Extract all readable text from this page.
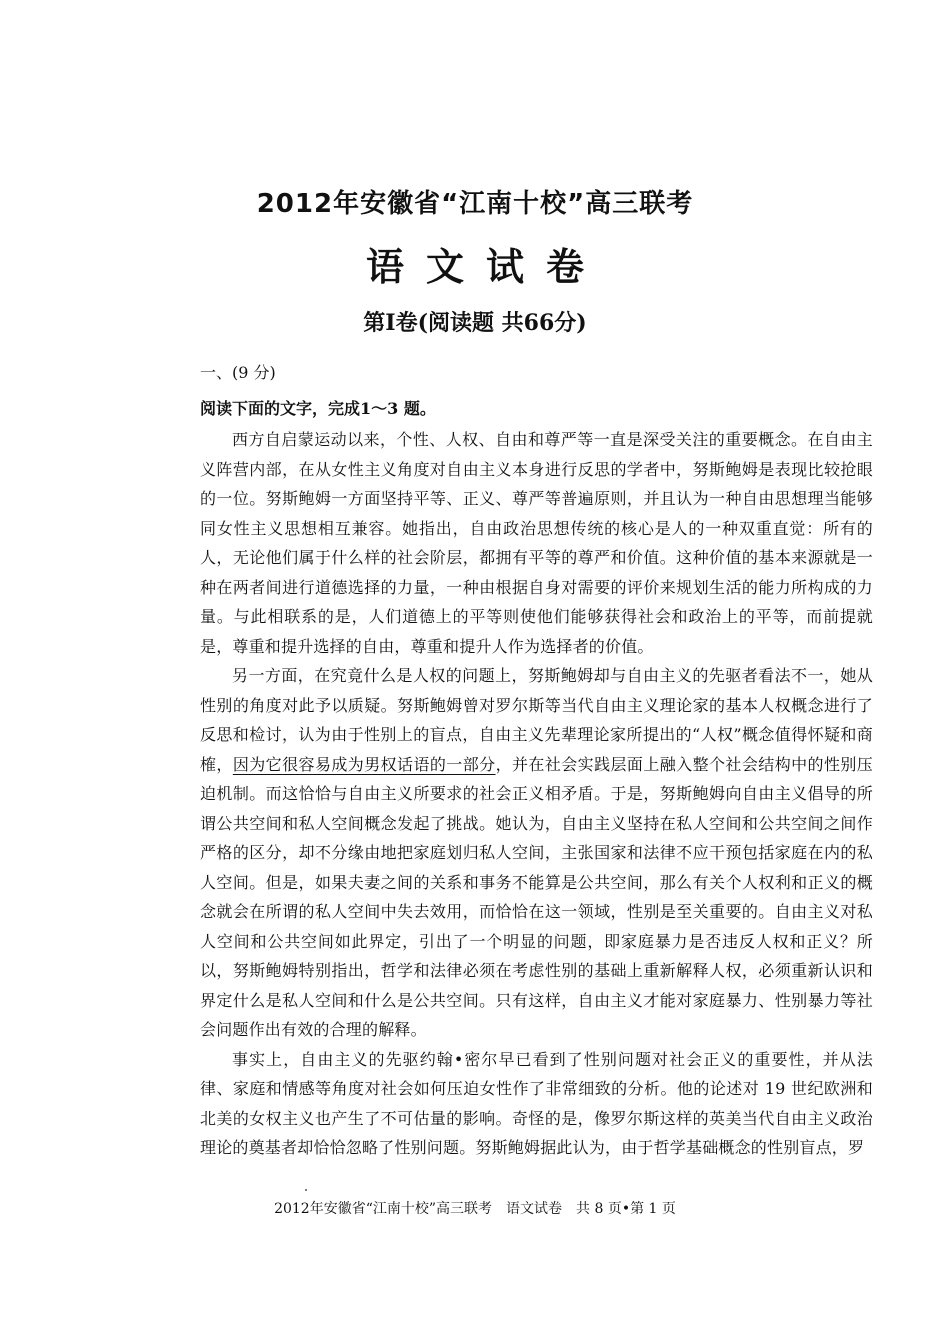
2012年安徽省“江南十校”高三联考
语文试卷
第Ⅰ卷(阅读题 共66分)

一、(9 分)

阅读下面的文字，完成1～3 题。

西方自启蒙运动以来，个性、人权、自由和尊严等一直是深受关注的重要概念。在自由主义阵营内部，在从女性主义角度对自由主义本身进行反思的学者中，努斯鲍姆是表现比较抢眼的一位。努斯鲍姆一方面坚持平等、正义、尊严等普遍原则，并且认为一种自由思想理当能够同女性主义思想相互兼容。她指出，自由政治思想传统的核心是人的一种双重直觉：所有的人，无论他们属于什么样的社会阶层，都拥有平等的尊严和价值。这种价值的基本来源就是一种在两者间进行道德选择的力量，一种由根据自身对需要的评价来规划生活的能力所构成的力量。与此相联系的是，人们道德上的平等则使他们能够获得社会和政治上的平等，而前提就是，尊重和提升选择的自由，尊重和提升人作为选择者的价值。

另一方面，在究竟什么是人权的问题上，努斯鲍姆却与自由主义的先驱者看法不一，她从性别的角度对此予以质疑。努斯鲍姆曾对罗尔斯等当代自由主义理论家的基本人权概念进行了反思和检讨，认为由于性别上的盲点，自由主义先辈理论家所提出的“人权”概念值得怀疑和商榷，因为它很容易成为男权话语的一部分，并在社会实践层面上融入整个社会结构中的性别压迫机制。而这恰恰与自由主义所要求的社会正义相矛盾。于是，努斯鲍姆向自由主义倡导的所谓公共空间和私人空间概念发起了挑战。她认为，自由主义坚持在私人空间和公共空间之间作严格的区分，却不分缘由地把家庭划归私人空间，主张国家和法律不应干预包括家庭在内的私人空间。但是，如果夫妻之间的关系和事务不能算是公共空间，那么有关个人权利和正义的概念就会在所谓的私人空间中失去效用，而恰恰在这一领域，性别是至关重要的。自由主义对私人空间和公共空间如此界定，引出了一个明显的问题，即家庭暴力是否违反人权和正义？所以，努斯鲍姆特别指出，哲学和法律必须在考虑性别的基础上重新解释人权，必须重新认识和界定什么是私人空间和什么是公共空间。只有这样，自由主义才能对家庭暴力、性别暴力等社会问题作出有效的合理的解释。

事实上，自由主义的先驱约翰•密尔早已看到了性别问题对社会正义的重要性，并从法律、家庭和情感等角度对社会如何压迫女性作了非常细致的分析。他的论述对 19 世纪欧洲和北美的女权主义也产生了不可估量的影响。奇怪的是，像罗尔斯这样的英美当代自由主义政治理论的奠基者却恰恰忽略了性别问题。努斯鲍姆据此认为，由于哲学基础概念的性别盲点，罗

2012年安徽省“江南十校”高三联考　语文试卷　共 8 页•第 1 页
